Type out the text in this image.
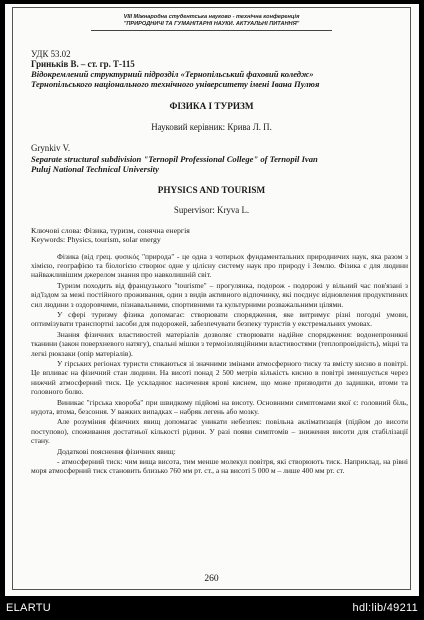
VIII Міжнародна студентська науково - технічна конференція
"ПРИРОДНИЧІ ТА ГУМАНІТАРНІ НАУКИ. АКТУАЛЬНІ ПИТАННЯ"
УДК 53.02
Гринькiв В. – ст. гр. Т-115
Відокремлений структурний підрозділ «Тернопільський фаховий коледж»
Тернопільського національного технічного університету імені Івана Пулюя
ФІЗИКА І ТУРИЗМ
Науковий керівник: Крива Л. П.
Grynkiv V.
Separate structural subdivision "Ternopil Professional College" of Ternopil Ivan
Puluj National Technical University
PHYSICS AND TOURISM
Supervisor: Kryva L.
Ключові слова: Фізика, туризм, сонячна енергія
Keywords: Physics, tourism, solar energy

Фізика (від грец. φυσικός "природа" - це одна з чотирьох фундаментальних природничих наук, яка разом з хімією, географією та біологією створює одне у цілісну систему наук про природу і Землю. Фізика є для людини найважливішим джерелом знання про навколишній світ.

Туризм походить від французького "tourisme" – прогулянка, подорож - подорожі у вільний час пов'язані з від'їздом за межі постійного проживання, один з видів активного відпочинку, які поєднує відновлення продуктивних сил людини з оздоровчими, пізнавальними, спортивними та культурними розважальними цілями.

У сфері туризму фізика допомагає: створювати спорядження, яке витримує різні погодні умови, оптимізувати транспортні засоби для подорожей, забезпечувати безпеку туристів у екстремальних умовах.

Знання фізичних властивостей матеріалів дозволяє створювати надійне спорядження: водонепроникні тканини (закон поверхневого натягу), спальні мішки з термоізоляційними властивостями (теплопровідність), міцні та легкі рюкзаки (опір матеріалів).

У гірських регіонах туристи стикаються зі значними змінами атмосферного тиску та вмісту кисню в повітрі. Це впливає на фізичний стан людини. На висоті понад 2 500 метрів кількість кисню в повітрі зменшується через нижчий атмосферний тиск. Це ускладнює насичення крові киснем, що може призводити до задишки, втоми та головного болю.

Виникає "гірська хвороба" при швидкому підйомі на висоту. Основними симптомами якої є: головний біль, нудота, втома, безсоння. У важких випадках – набряк легень або мозку.

Але розуміння фізичних явищ допомагає уникати небезпек: повільна акліматизація (підйом до висоти поступово), споживання достатньої кількості рідини. У разі появи симптомів – зниження висоти для стабілізації стану.

Додаткові пояснення фізичних явищ:

- атмосферний тиск: чим вища висота, тим менше молекул повітря, які створюють тиск. Наприклад, на рівні моря атмосферний тиск становить близько 760 мм рт. ст., а на висоті 5 000 м – лише 400 мм рт. ст.

260
ELARTU	hdl:lib/49211
